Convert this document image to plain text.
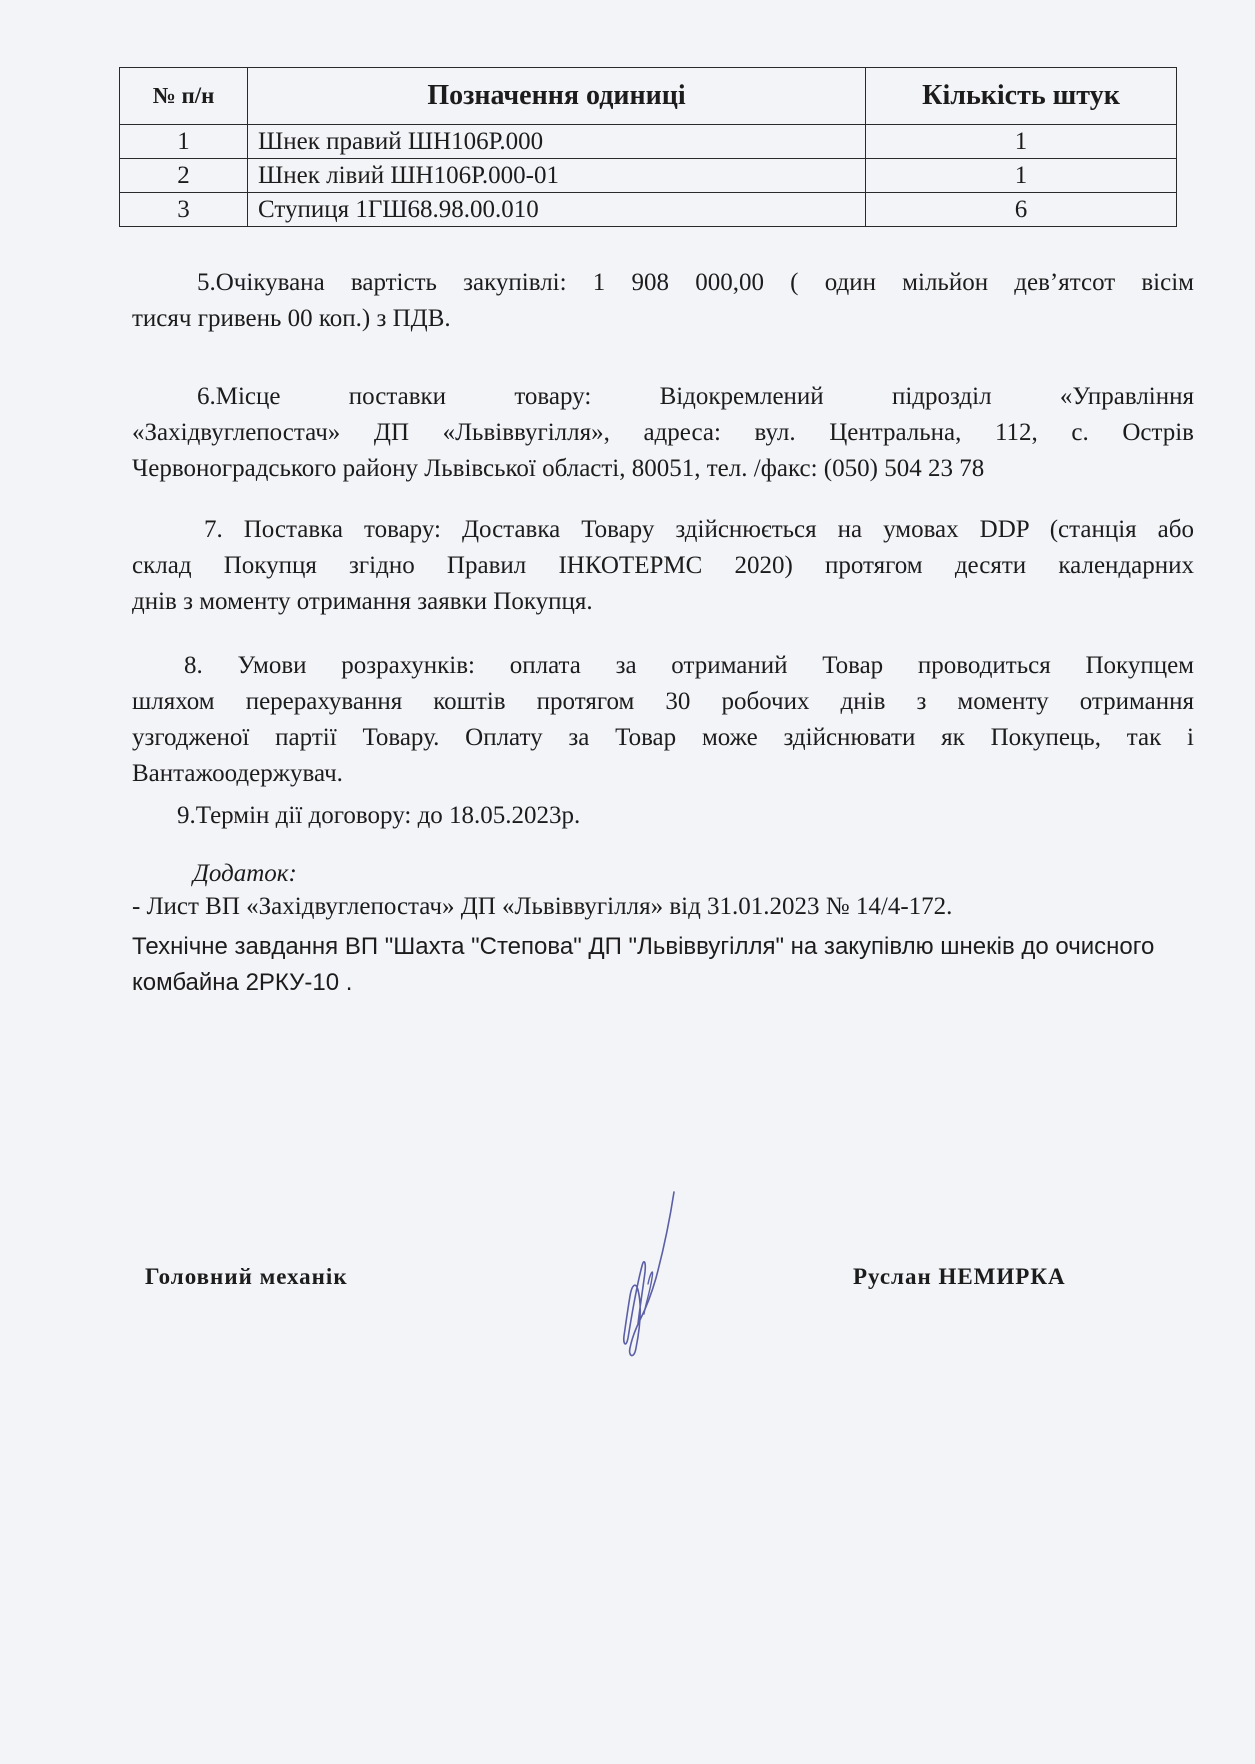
№ п/н	Позначення одиниці	Кількість штук
1	Шнек правий ШН106Р.000	1
2	Шнек лівий ШН106Р.000-01	1
3	Ступиця 1ГШ68.98.00.010	6
5.Очікувана вартість закупівлі: 1 908 000,00 ( один мільйон дев’ятсот вісім
тисяч гривень 00 коп.) з ПДВ.
6.Місце поставки товару: Відокремлений підрозділ «Управління
«Західвуглепостач» ДП «Львіввугілля», адреса: вул. Центральна, 112, с. Острів
Червоноградського району Львівської області, 80051, тел. /факс: (050) 504 23 78
7. Поставка товару: Доставка Товару здійснюється на умовах DDP (станція або
склад Покупця згідно Правил ІНКОТЕРМС 2020) протягом десяти календарних
днів з моменту отримання заявки Покупця.
8. Умови розрахунків: оплата за отриманий Товар проводиться Покупцем
шляхом перерахування коштів протягом 30 робочих днів з моменту отримання
узгодженої партії Товару. Оплату за Товар може здійснювати як Покупець, так і
Вантажоодержувач.
9.Термін дії договору: до 18.05.2023р.
Додаток:
- Лист ВП «Західвуглепостач» ДП «Львіввугілля» від 31.01.2023 № 14/4-172.
Технічне завдання ВП "Шахта "Степова" ДП "Львіввугілля" на закупівлю шнеків до очисного комбайна 2РКУ-10 .
Головний механік	Руслан НЕМИРКА
